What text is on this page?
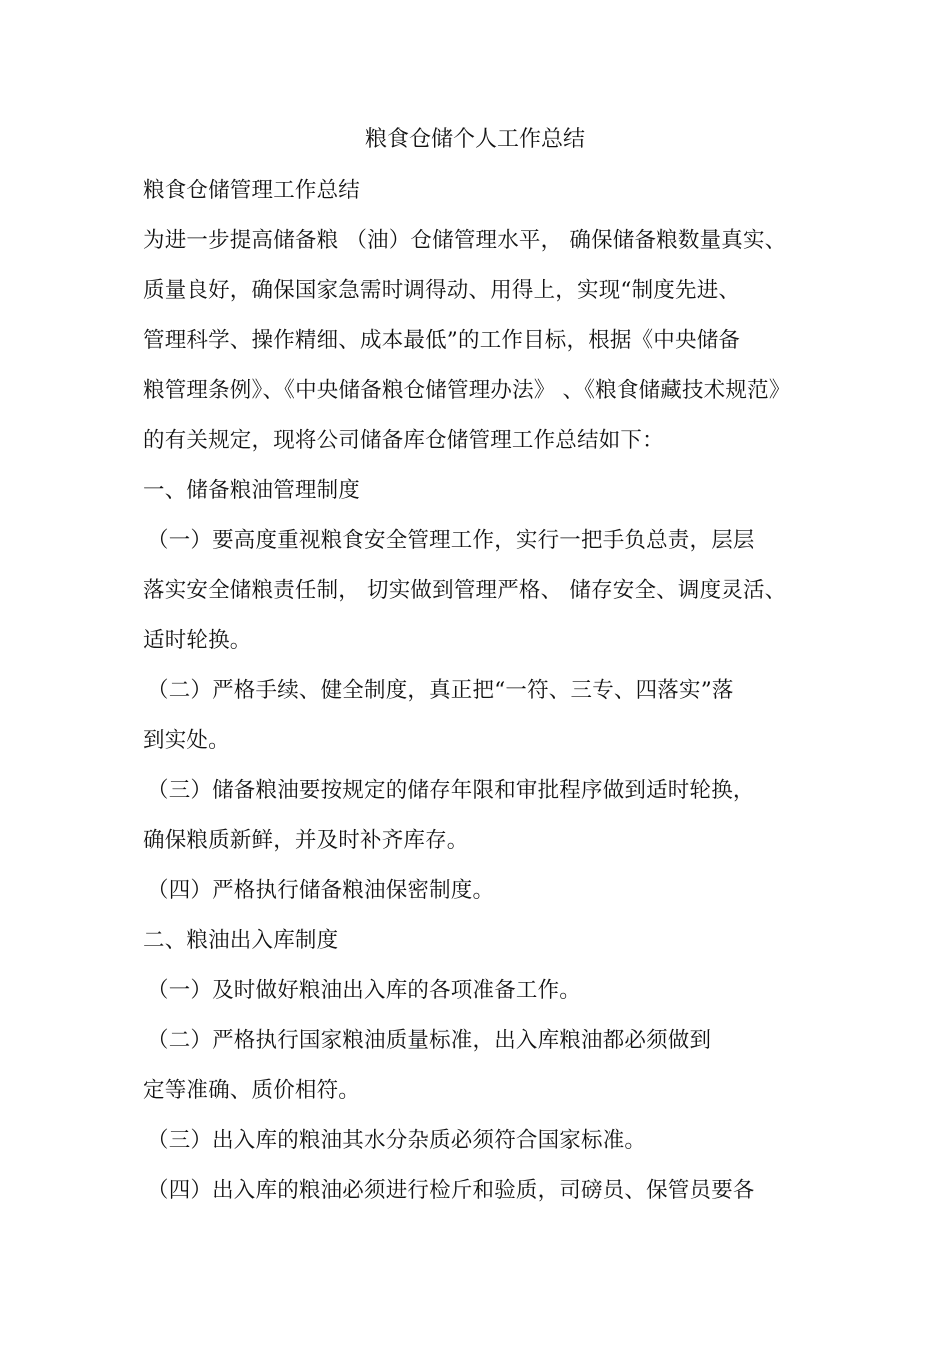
粮食仓储个人工作总结
粮食仓储管理工作总结
为进一步提高储备粮 （油）仓储管理水平， 确保储备粮数量真实、
质量良好，确保国家急需时调得动、用得上，实现“制度先进、
管理科学、操作精细、成本最低”的工作目标，根据《中央储备
粮管理条例》、《中央储备粮仓储管理办法》 、《粮食储藏技术规范》
的有关规定，现将公司储备库仓储管理工作总结如下：
一、储备粮油管理制度
（一）要高度重视粮食安全管理工作，实行一把手负总责，层层
落实安全储粮责任制， 切实做到管理严格、 储存安全、调度灵活、
适时轮换。
（二）严格手续、健全制度，真正把“一符、三专、四落实”落
到实处。
（三）储备粮油要按规定的储存年限和审批程序做到适时轮换，
确保粮质新鲜，并及时补齐库存。
（四）严格执行储备粮油保密制度。
二、粮油出入库制度
（一）及时做好粮油出入库的各项准备工作。
（二）严格执行国家粮油质量标准，出入库粮油都必须做到
定等准确、质价相符。
（三）出入库的粮油其水分杂质必须符合国家标准。
（四）出入库的粮油必须进行检斤和验质，司磅员、保管员要各
